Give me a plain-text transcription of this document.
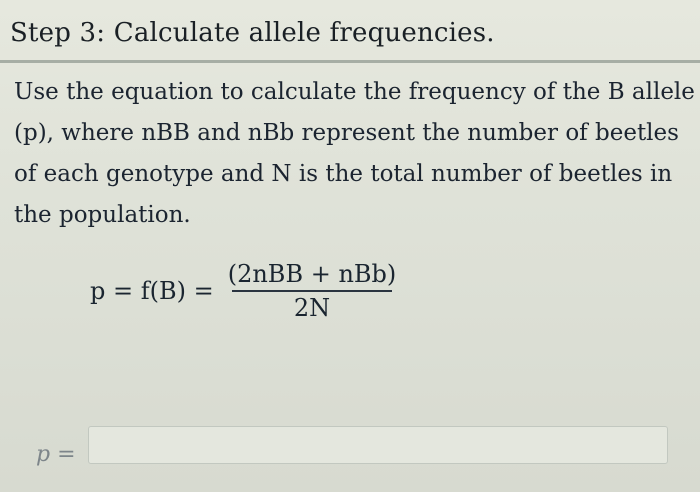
Step 3: Calculate allele frequencies.
Use the equation to calculate the frequency of the B allele
(p), where nBB and nBb represent the number of beetles
of each genotype and N is the total number of beetles in
the population.
$p = f(B) = \frac{\text{(2nBB + nBb)}}{2N}$
p =
